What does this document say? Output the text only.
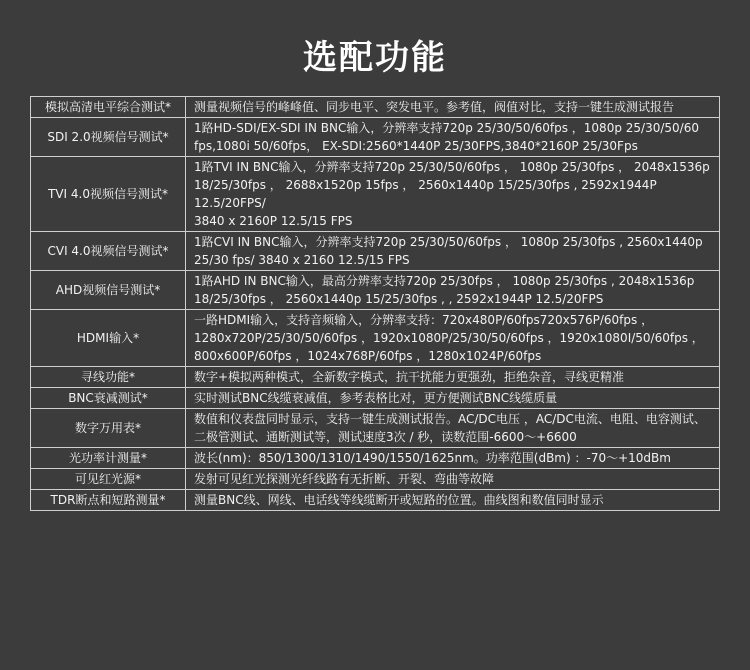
选配功能
模拟高清电平综合测试*	测量视频信号的峰峰值、同步电平、突发电平。参考值，阀值对比，支持一键生成测试报告

SDI 2.0视频信号测试*	1路HD-SDI/EX-SDI IN BNC输入，分辨率支持720p 25/30/50/60fps ，1080p 25/30/50/60
fps,1080i 50/60fps， EX-SDI:2560*1440P 25/30FPS,3840*2160P 25/30Fps

TVI 4.0视频信号测试*	1路TVI IN BNC输入，分辨率支持720p 25/30/50/60fps ， 1080p 25/30fps ， 2048x1536p
18/25/30fps ， 2688x1520p 15fps ， 2560x1440p 15/25/30fps , 2592x1944P 12.5/20FPS/
3840 x 2160P 12.5/15 FPS

CVI 4.0视频信号测试*	1路CVI IN BNC输入，分辨率支持720p 25/30/50/60fps ， 1080p 25/30fps , 2560x1440p
25/30 fps/ 3840 x 2160 12.5/15 FPS

AHD视频信号测试*	1路AHD IN BNC输入，最高分辨率支持720p 25/30fps ， 1080p 25/30fps , 2048x1536p
18/25/30fps ， 2560x1440p 15/25/30fps , , 2592x1944P 12.5/20FPS

HDMI输入*	一路HDMI输入，支持音频输入，分辨率支持：720x480P/60fps720x576P/60fps ，
1280x720P/25/30/50/60fps ，1920x1080P/25/30/50/60fps ，1920x1080I/50/60fps ，
800x600P/60fps ，1024x768P/60fps ，1280x1024P/60fps

寻线功能*	数字+模拟两种模式，全新数字模式，抗干扰能力更强劲，拒绝杂音，寻线更精准

BNC衰减测试*	实时测试BNC线缆衰减值，参考表格比对，更方便测试BNC线缆质量

数字万用表*	数值和仪表盘同时显示，支持一键生成测试报告。AC/DC电压 ，AC/DC电流、电阻、电容测试、
二极管测试、通断测试等，测试速度3次 / 秒，读数范围-6600～+6600

光功率计测量*	波长(nm)：850/1300/1310/1490/1550/1625nm。功率范围(dBm) ：-70～+10dBm

可见红光源*	发射可见红光探测光纤线路有无折断、开裂、弯曲等故障

TDR断点和短路测量*	测量BNC线、网线、电话线等线缆断开或短路的位置。曲线图和数值同时显示
